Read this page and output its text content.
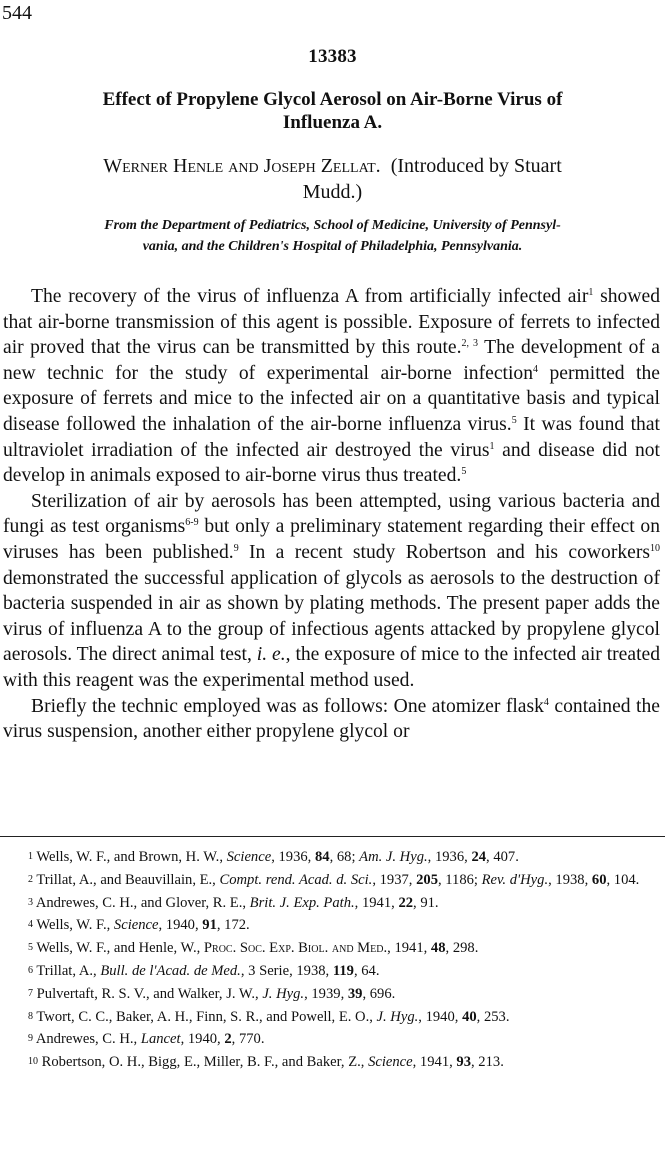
544
13383
Effect of Propylene Glycol Aerosol on Air-Borne Virus of
Influenza A.
Werner Henle and Joseph Zellat. (Introduced by Stuart
Mudd.)
From the Department of Pediatrics, School of Medicine, University of Pennsyl-
vania, and the Children's Hospital of Philadelphia, Pennsylvania.

The recovery of the virus of influenza A from artificially infected air$^1$ showed that air-borne transmission of this agent is possible. Exposure of ferrets to infected air proved that the virus can be transmitted by this route.$^{2, 3}$ The development of a new technic for the study of experimental air-borne infection$^4$ permitted the exposure of ferrets and mice to the infected air on a quantitative basis and typical disease followed the inhalation of the air-borne influenza virus.$^5$ It was found that ultraviolet irradiation of the infected air destroyed the virus$^1$ and disease did not develop in animals exposed to air-borne virus thus treated.$^5$

Sterilization of air by aerosols has been attempted, using various bacteria and fungi as test organisms$^{6-9}$ but only a preliminary statement regarding their effect on viruses has been published.$^9$ In a recent study Robertson and his coworkers$^{10}$ demonstrated the successful application of glycols as aerosols to the destruction of bacteria suspended in air as shown by plating methods. The present paper adds the virus of influenza A to the group of infectious agents attacked by propylene glycol aerosols. The direct animal test, i. e., the exposure of mice to the infected air treated with this reagent was the experimental method used.

Briefly the technic employed was as follows: One atomizer flask$^4$ contained the virus suspension, another either propylene glycol or

1 Wells, W. F., and Brown, H. W., Science, 1936, 84, 68; Am. J. Hyg., 1936, 24, 407.

2 Trillat, A., and Beauvillain, E., Compt. rend. Acad. d. Sci., 1937, 205, 1186; Rev. d'Hyg., 1938, 60, 104.

3 Andrewes, C. H., and Glover, R. E., Brit. J. Exp. Path., 1941, 22, 91.

4 Wells, W. F., Science, 1940, 91, 172.

5 Wells, W. F., and Henle, W., Proc. Soc. Exp. Biol. and Med., 1941, 48, 298.

6 Trillat, A., Bull. de l'Acad. de Med., 3 Serie, 1938, 119, 64.

7 Pulvertaft, R. S. V., and Walker, J. W., J. Hyg., 1939, 39, 696.

8 Twort, C. C., Baker, A. H., Finn, S. R., and Powell, E. O., J. Hyg., 1940, 40, 253.

9 Andrewes, C. H., Lancet, 1940, 2, 770.

10 Robertson, O. H., Bigg, E., Miller, B. F., and Baker, Z., Science, 1941, 93, 213.
